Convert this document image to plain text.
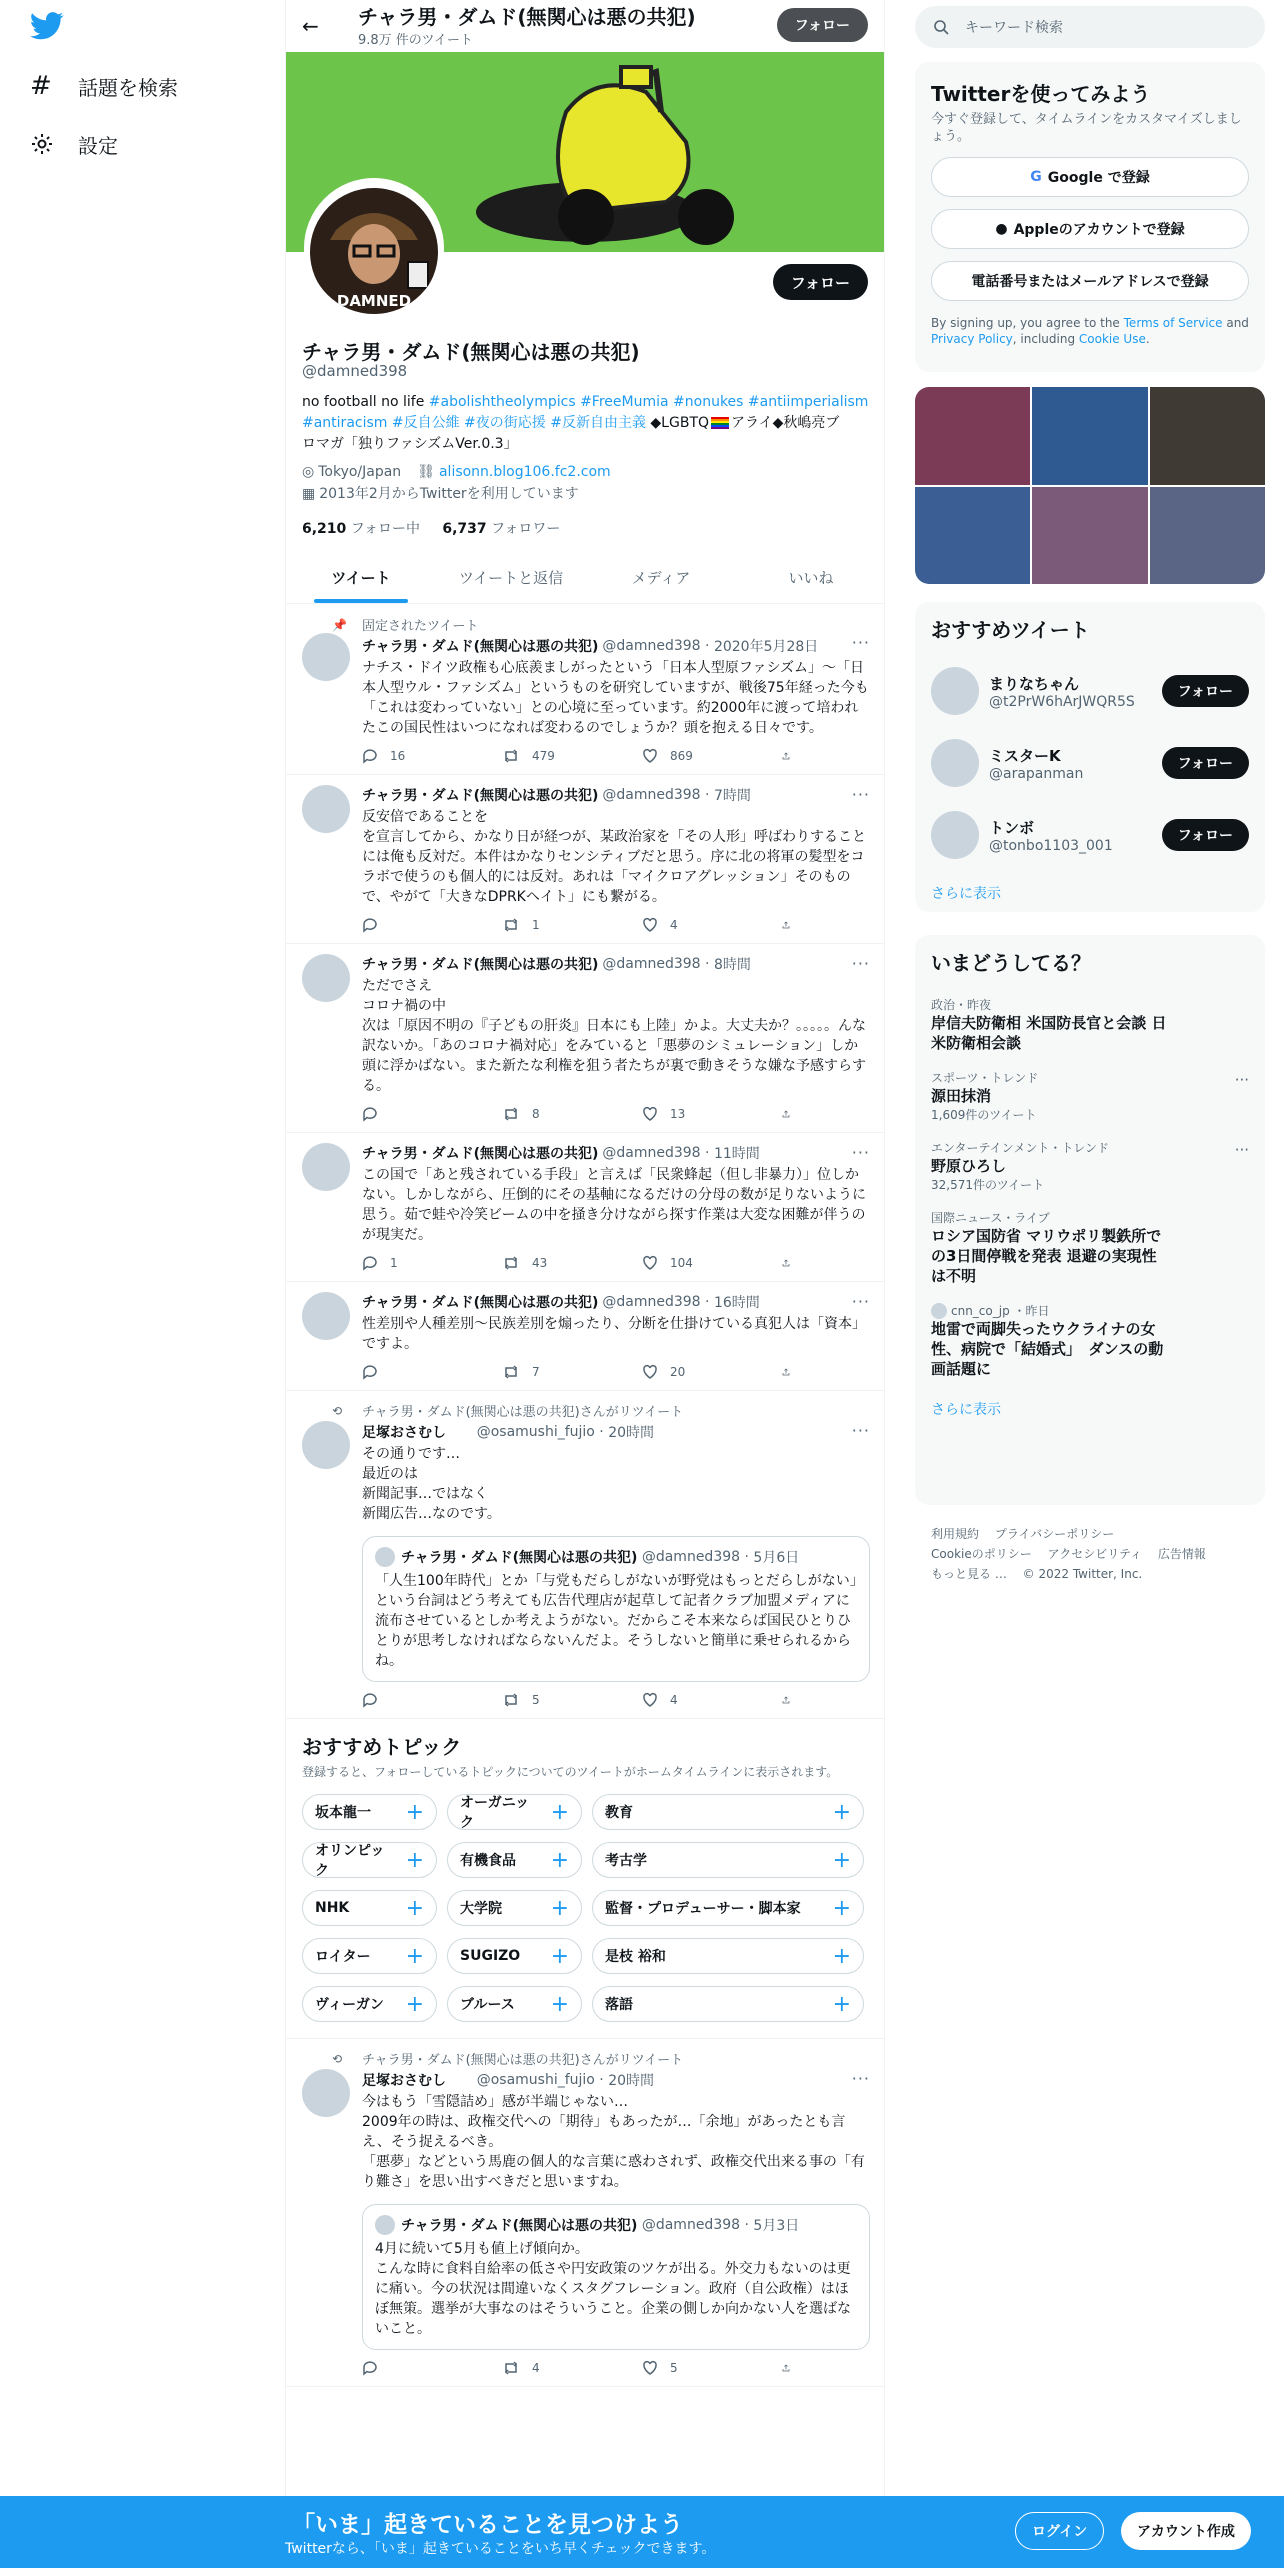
#	話題を検索
設定
←	チャラ男・ダムド(無関心は悪の共犯)
9.8万 件のツイート
フォロー
DAMNED
フォロー
チャラ男・ダムド(無関心は悪の共犯)
@damned398
no football no life #abolishtheolympics #FreeMumia #nonukes #antiimperialism
#antiracism #反自公維 #夜の街応援 #反新自由主義 ◆LGBTQ アライ◆秋嶋亮ブ
ロマガ「独りファシズムVer.0.3」
◎ Tokyo/Japan ⛓ alisonn.blog106.fc2.com
▦ 2013年2月からTwitterを利用しています
6,210 フォロー中 6,737 フォロワー
ツイート	ツイートと返信	メディア	いいね
📌	固定されたツイート
チャラ男・ダムド(無関心は悪の共犯) @damned398 · 2020年5月28日 ···
ナチス・ドイツ政権も心底羨ましがったという「日本人型原ファシズム」～「日本人型ウル・ファシズム」というものを研究していますが、戦後75年経った今も「これは変わっていない」との心境に至っています。約2000年に渡って培われたこの国民性はいつになれば変わるのでしょうか？頭を抱える日々です。
16	479	869
チャラ男・ダムド(無関心は悪の共犯) @damned398 · 7時間	···
反安倍であることを
を宣言してから、かなり日が経つが、某政治家を「その人形」呼ばわりすることには俺も反対だ。本件はかなりセンシティブだと思う。序に北の将軍の髪型をコラボで使うのも個人的には反対。あれは「マイクロアグレッション」そのもので、やがて「大きなDPRKヘイト」にも繋がる。
1	4
チャラ男・ダムド(無関心は悪の共犯) @damned398 · 8時間	···
ただでさえ
コロナ禍の中
次は「原因不明の『子どもの肝炎』日本にも上陸」かよ。大丈夫か？。。。。。んな訳ないか。「あのコロナ禍対応」をみていると「悪夢のシミュレーション」しか頭に浮かばない。また新たな利権を狙う者たちが裏で動きそうな嫌な予感すらする。
8	13
チャラ男・ダムド(無関心は悪の共犯) @damned398 · 11時間	···
この国で「あと残されている手段」と言えば「民衆蜂起（但し非暴力）」位しかない。しかしながら、圧倒的にその基軸になるだけの分母の数が足りないように思う。茹で蛙や冷笑ビームの中を掻き分けながら探す作業は大変な困難が伴うのが現実だ。
1	43	104
チャラ男・ダムド(無関心は悪の共犯) @damned398 · 16時間	···
性差別や人種差別〜民族差別を煽ったり、分断を仕掛けている真犯人は「資本」ですよ。
7	20
⟲	チャラ男・ダムド(無関心は悪の共犯)さんがリツイート
足塚おさむし
@osamushi_fujio · 20時間	···
その通りです…
最近のは
新聞記事…ではなく
新聞広告…なのです。
チャラ男・ダムド(無関心は悪の共犯)
@damned398 · 5月6日
「人生100年時代」とか「与党もだらしがないが野党はもっとだらしがない」という台詞はどう考えても広告代理店が起草して記者クラブ加盟メディアに流布させているとしか考えようがない。だからこそ本来ならば国民ひとりひとりが思考しなければならないんだよ。そうしないと簡単に乗せられるからね。
5	4
おすすめトピック
登録すると、フォローしているトピックについてのツイートがホームタイムラインに表示されます。
坂本龍一 +	オーガニック	+	教育	+
オリンピック	+	有機食品 +	考古学	+
NHK	+	大学院 +	監督・プロデューサー・脚本家 +
ロイター +	SUGIZO +	是枝 裕和	+
ヴィーガン +	ブルース +	落語	+
⟲	チャラ男・ダムド(無関心は悪の共犯)さんがリツイート
足塚おさむし
@osamushi_fujio · 20時間	···
今はもう「雪隠詰め」感が半端じゃない…
2009年の時は、政権交代への「期待」もあったが…「余地」があったとも言え、そう捉えるべき。
「悪夢」などという馬鹿の個人的な言葉に惑わされず、政権交代出来る事の「有り難さ」を思い出すべきだと思いますね。
チャラ男・ダムド(無関心は悪の共犯)
@damned398 · 5月3日
4月に続いて5月も値上げ傾向か。
こんな時に食料自給率の低さや円安政策のツケが出る。外交力もないのは更に痛い。今の状況は間違いなくスタグフレーション。政府（自公政権）はほぼ無策。選挙が大事なのはそういうこと。企業の側しか向かない人を選ばないこと。
4	5
キーワード検索
Twitterを使ってみよう
今すぐ登録して、タイムラインをカスタマイズしましょう。
G Google で登録
● Appleのアカウントで登録
電話番号またはメールアドレスで登録
By signing up, you agree to the Terms of Service and Privacy Policy, including Cookie Use.
おすすめツイート
まりなちゃん
@t2PrW6hArJWQR5S
フォロー
ミスターK
@arapanman
フォロー
トンボ
@tonbo1103_001
フォロー
さらに表示
いまどうしてる？
政治・昨夜
岸信夫防衛相 米国防長官と会談 日米防衛相会談
スポーツ・トレンド
源田抹消
1,609件のツイート
···
エンターテインメント・トレンド
野原ひろし
32,571件のツイート
···
国際ニュース・ライブ
ロシア国防省 マリウポリ製鉄所での3日間停戦を発表 退避の実現性は不明
cnn_co_jp ・昨日
地雷で両脚失ったウクライナの女性、病院で「結婚式」　ダンスの動画話題に
さらに表示
利用規約 プライバシーポリシー
Cookieのポリシー アクセシビリティ 広告情報
もっと見る … © 2022 Twitter, Inc.
「いま」起きていることを見つけよう
Twitterなら、「いま」起きていることをいち早くチェックできます。
ログイン	アカウント作成
